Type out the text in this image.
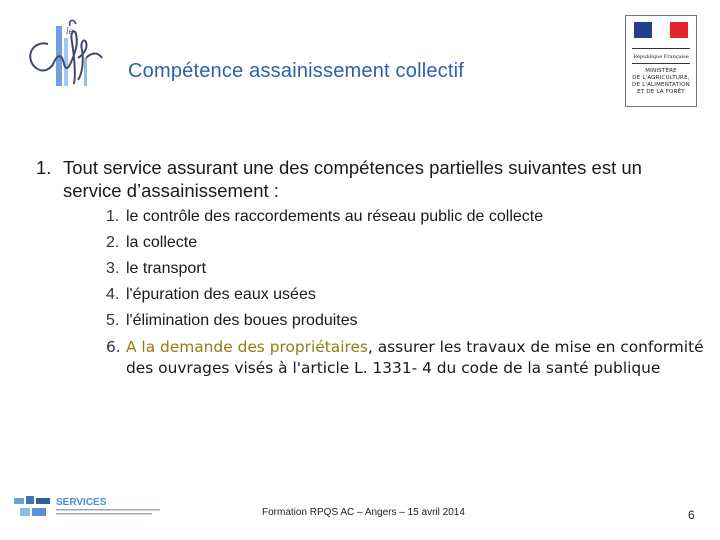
le
République Française
MINISTÈRE
DE L'AGRICULTURE,
DE L'ALIMENTATION
ET DE LA FORÊT
Compétence assainissement collectif
1. Tout service assurant une des compétences partielles suivantes est un service d’assainissement :
1. le contrôle des raccordements au réseau public de collecte
2. la collecte
3. le transport
4. l'épuration des eaux usées
5. l'élimination des boues produites
6. A la demande des propriétaires, assurer les travaux de mise en conformité des ouvrages visés à l'article L. 1331- 4 du code de la santé publique
SERVICES
Formation RPQS AC – Angers – 15 avril 2014	6
